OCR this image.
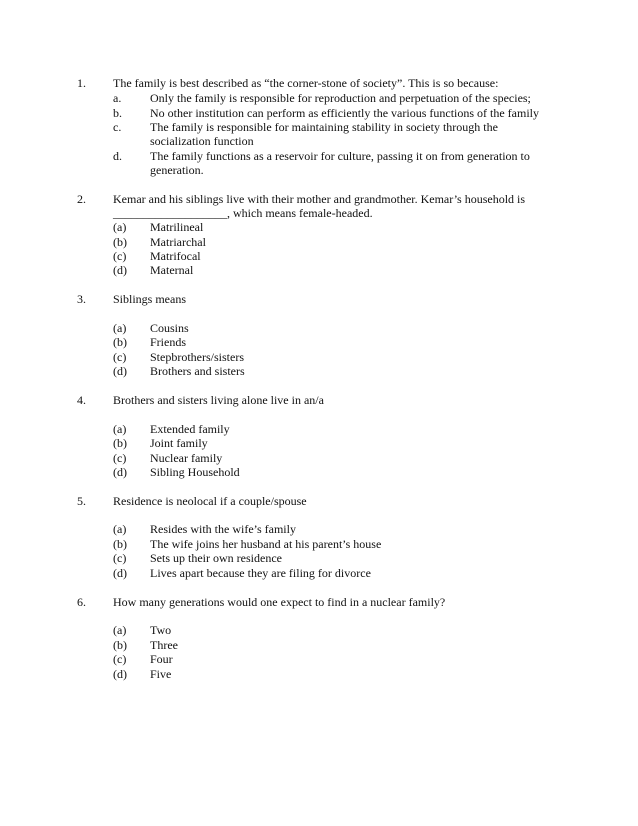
1. The family is best described as “the corner-stone of society”. This is so because:
a. Only the family is responsible for reproduction and perpetuation of the species;
b. No other institution can perform as efficiently the various functions of the family
c. The family is responsible for maintaining stability in society through the
socialization function
d. The family functions as a reservoir for culture, passing it on from generation to
generation.
2. Kemar and his siblings live with their mother and grandmother. Kemar’s household is
___________________, which means female-headed.
(a) Matrilineal
(b) Matriarchal
(c) Matrifocal
(d) Maternal
3. Siblings means
(a) Cousins
(b) Friends
(c) Stepbrothers/sisters
(d) Brothers and sisters
4. Brothers and sisters living alone live in an/a
(a) Extended family
(b) Joint family
(c) Nuclear family
(d) Sibling Household
5. Residence is neolocal if a couple/spouse
(a) Resides with the wife’s family
(b) The wife joins her husband at his parent’s house
(c) Sets up their own residence
(d) Lives apart because they are filing for divorce
6. How many generations would one expect to find in a nuclear family?
(a) Two
(b) Three
(c) Four
(d) Five
